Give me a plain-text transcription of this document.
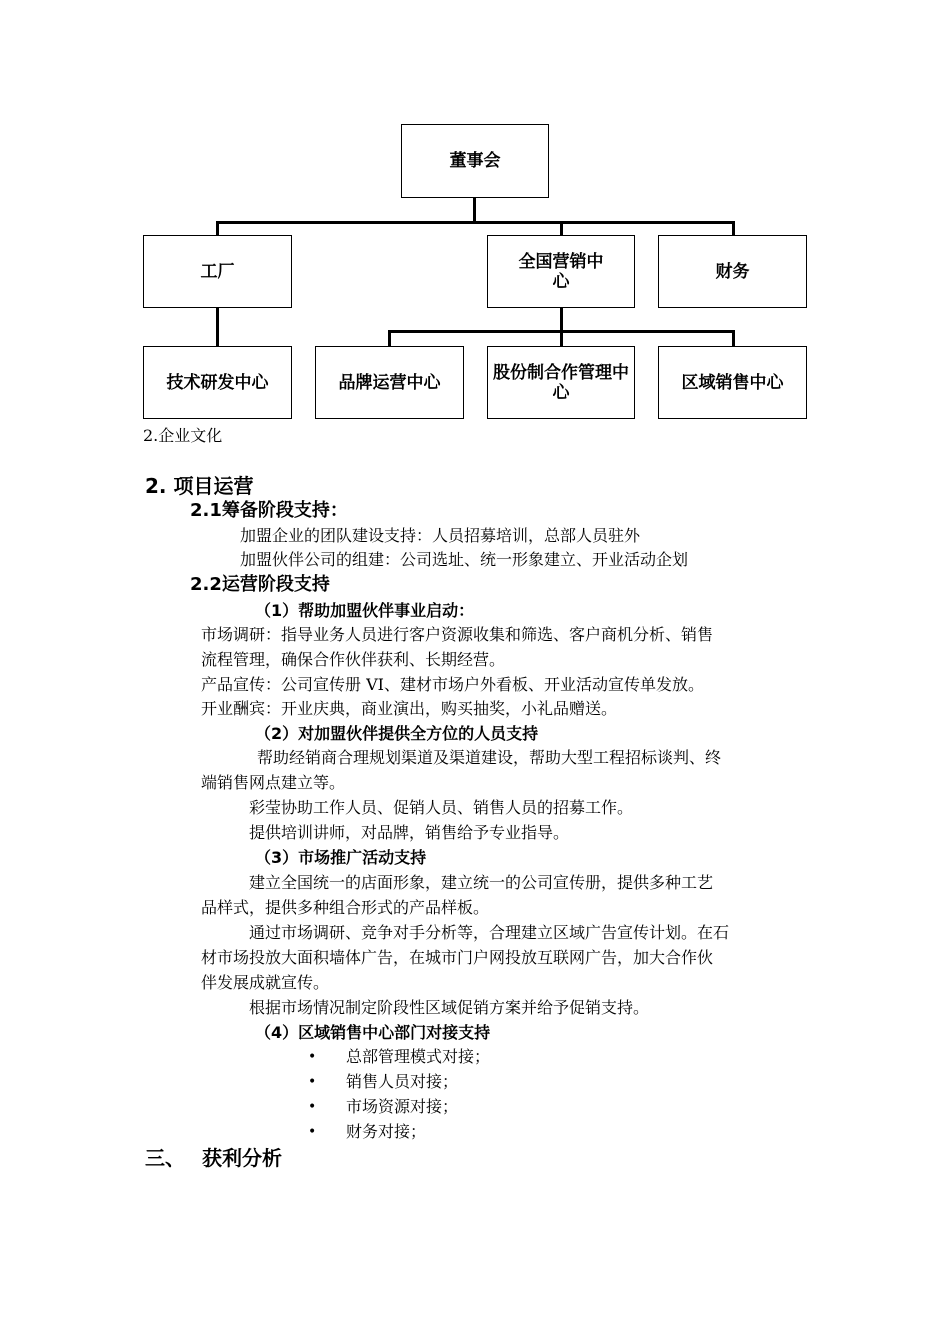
董事会
工厂	全国营销中心	财务
技术研发中心	品牌运营中心	股份制合作管理中心	区域销售中心
2.企业文化
2. 项目运营
2.1筹备阶段支持：
加盟企业的团队建设支持：人员招募培训，总部人员驻外
加盟伙伴公司的组建：公司选址、统一形象建立、开业活动企划
2.2运营阶段支持
（1）帮助加盟伙伴事业启动：
市场调研：指导业务人员进行客户资源收集和筛选、客户商机分析、销售
流程管理，确保合作伙伴获利、长期经营。
产品宣传：公司宣传册 VI、建材市场户外看板、开业活动宣传单发放。
开业酬宾：开业庆典，商业演出，购买抽奖，小礼品赠送。
（2）对加盟伙伴提供全方位的人员支持
帮助经销商合理规划渠道及渠道建设，帮助大型工程招标谈判、终
端销售网点建立等。
彩莹协助工作人员、促销人员、销售人员的招募工作。
提供培训讲师，对品牌，销售给予专业指导。
（3）市场推广活动支持
建立全国统一的店面形象，建立统一的公司宣传册，提供多种工艺
品样式，提供多种组合形式的产品样板。
通过市场调研、竞争对手分析等，合理建立区域广告宣传计划。在石
材市场投放大面积墙体广告，在城市门户网投放互联网广告，加大合作伙
伴发展成就宣传。
根据市场情况制定阶段性区域促销方案并给予促销支持。
（4）区域销售中心部门对接支持
• 总部管理模式对接；
• 销售人员对接；
• 市场资源对接；
• 财务对接；
三、 获利分析
